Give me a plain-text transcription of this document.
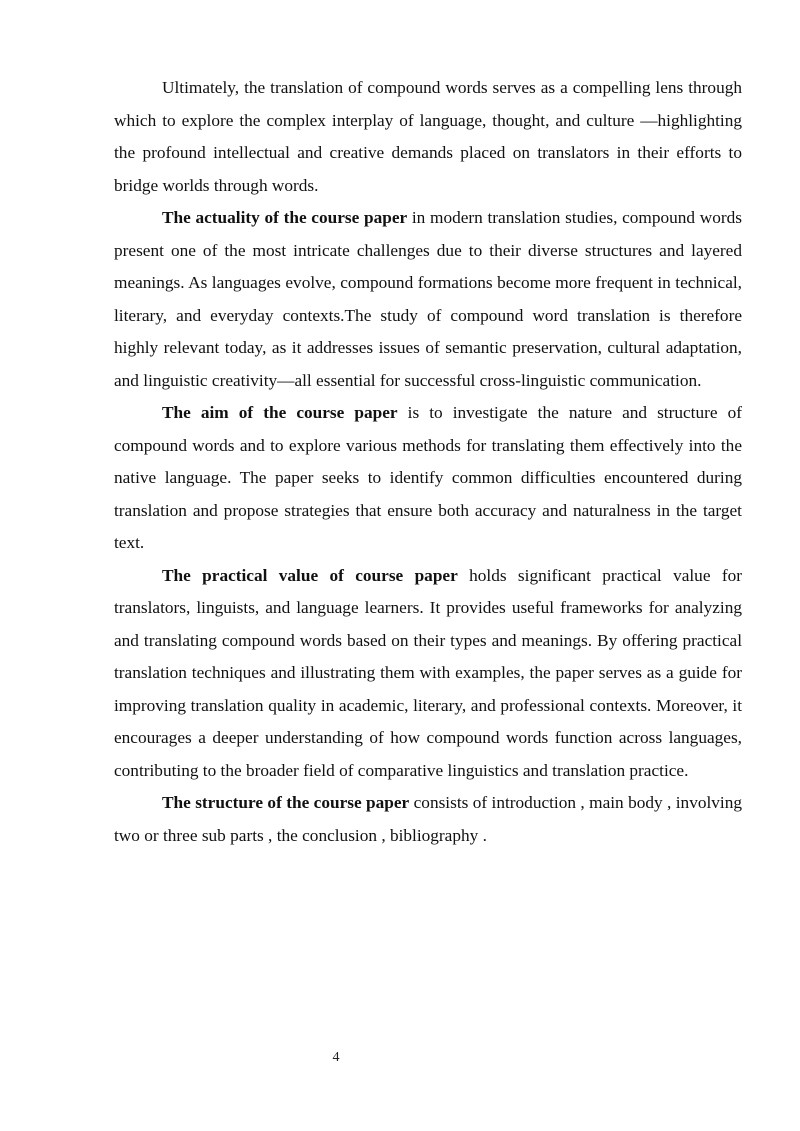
Ultimately, the translation of compound words serves as a compelling lens through which to explore the complex interplay of language, thought, and culture —highlighting the profound intellectual and creative demands placed on translators in their efforts to bridge worlds through words.

The actuality of the course paper in modern translation studies, compound words present one of the most intricate challenges due to their diverse structures and layered meanings. As languages evolve, compound formations become more frequent in technical, literary, and everyday contexts.The study of compound word translation is therefore highly relevant today, as it addresses issues of semantic preservation, cultural adaptation, and linguistic creativity—all essential for successful cross-linguistic communication.

The aim of the course paper is to investigate the nature and structure of compound words and to explore various methods for translating them effectively into the native language. The paper seeks to identify common difficulties encountered during translation and propose strategies that ensure both accuracy and naturalness in the target text.

The practical value of course paper holds significant practical value for translators, linguists, and language learners. It provides useful frameworks for analyzing and translating compound words based on their types and meanings. By offering practical translation techniques and illustrating them with examples, the paper serves as a guide for improving translation quality in academic, literary, and professional contexts. Moreover, it encourages a deeper understanding of how compound words function across languages, contributing to the broader field of comparative linguistics and translation practice.

The structure of the course paper consists of introduction , main body , involving two or three sub parts , the conclusion , bibliography .

4
